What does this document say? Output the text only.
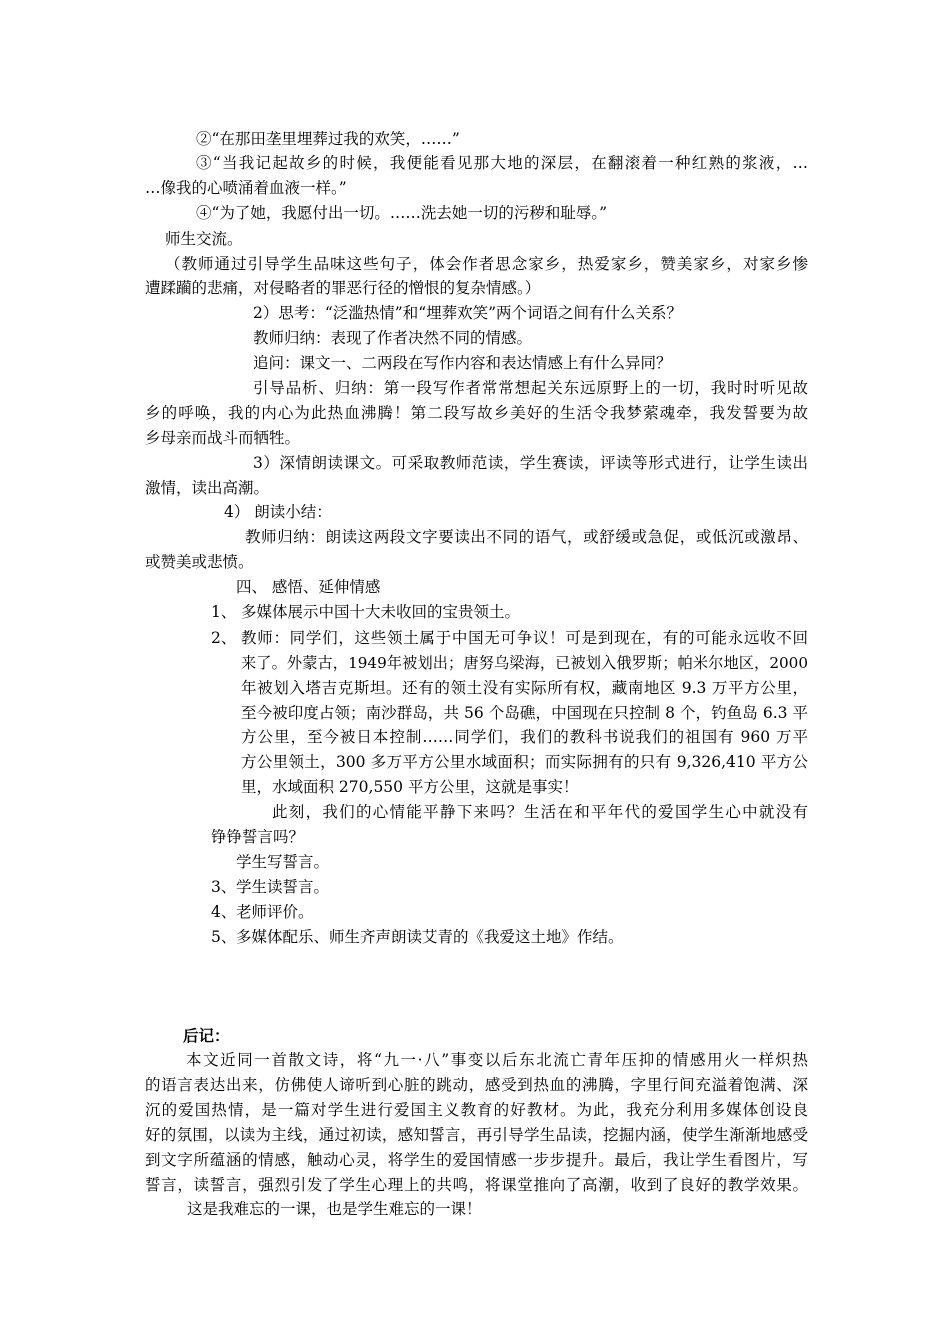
②“在那田垄里埋葬过我的欢笑，……”
③“当我记起故乡的时候，我便能看见那大地的深层，在翻滚着一种红熟的浆液，…
…像我的心喷涌着血液一样。”
④“为了她，我愿付出一切。……洗去她一切的污秽和耻辱。”
师生交流。
（教师通过引导学生品味这些句子，体会作者思念家乡，热爱家乡，赞美家乡，对家乡惨
遭蹂躏的悲痛，对侵略者的罪恶行径的憎恨的复杂情感。）
2）思考：“泛滥热情”和“埋葬欢笑”两个词语之间有什么关系？
教师归纳：表现了作者决然不同的情感。
追问：课文一、二两段在写作内容和表达情感上有什么异同？
引导品析、归纳：第一段写作者常常想起关东远原野上的一切，我时时听见故
乡的呼唤，我的内心为此热血沸腾！第二段写故乡美好的生活令我梦萦魂牵，我发誓要为故
乡母亲而战斗而牺牲。
3）深情朗读课文。可采取教师范读，学生赛读，评读等形式进行，让学生读出
激情，读出高潮。
4） 朗读小结：
教师归纳：朗读这两段文字要读出不同的语气，或舒缓或急促，或低沉或激昂、
或赞美或悲愤。
四、 感悟、延伸情感
1、 多媒体展示中国十大未收回的宝贵领土。
2、 教师：同学们，这些领土属于中国无可争议！可是到现在，有的可能永远收不回
来了。外蒙古，1949年被划出；唐努乌梁海，已被划入俄罗斯；帕米尔地区，2000
年被划入塔吉克斯坦。还有的领土没有实际所有权，藏南地区 9.3 万平方公里，
至今被印度占领；南沙群岛，共 56 个岛礁，中国现在只控制 8 个，钓鱼岛 6.3 平
方公里，至今被日本控制……同学们，我们的教科书说我们的祖国有 960 万平
方公里领土，300 多万平方公里水域面积；而实际拥有的只有 9,326,410 平方公
里，水域面积 270,550 平方公里，这就是事实！
此刻，我们的心情能平静下来吗？生活在和平年代的爱国学生心中就没有
铮铮誓言吗？
学生写誓言。
3、 学生读誓言。
4、 老师评价。
5、 多媒体配乐、师生齐声朗读艾青的《我爱这土地》作结。
后记：
本文近同一首散文诗，将“九一·八”事变以后东北流亡青年压抑的情感用火一样炽热
的语言表达出来，仿佛使人谛听到心脏的跳动，感受到热血的沸腾，字里行间充溢着饱满、深
沉的爱国热情，是一篇对学生进行爱国主义教育的好教材。为此，我充分利用多媒体创设良
好的氛围，以读为主线，通过初读，感知誓言，再引导学生品读，挖掘内涵，使学生渐渐地感受
到文字所蕴涵的情感，触动心灵，将学生的爱国情感一步步提升。最后，我让学生看图片，写
誓言，读誓言，强烈引发了学生心理上的共鸣，将课堂推向了高潮，收到了良好的教学效果。
这是我难忘的一课，也是学生难忘的一课！
